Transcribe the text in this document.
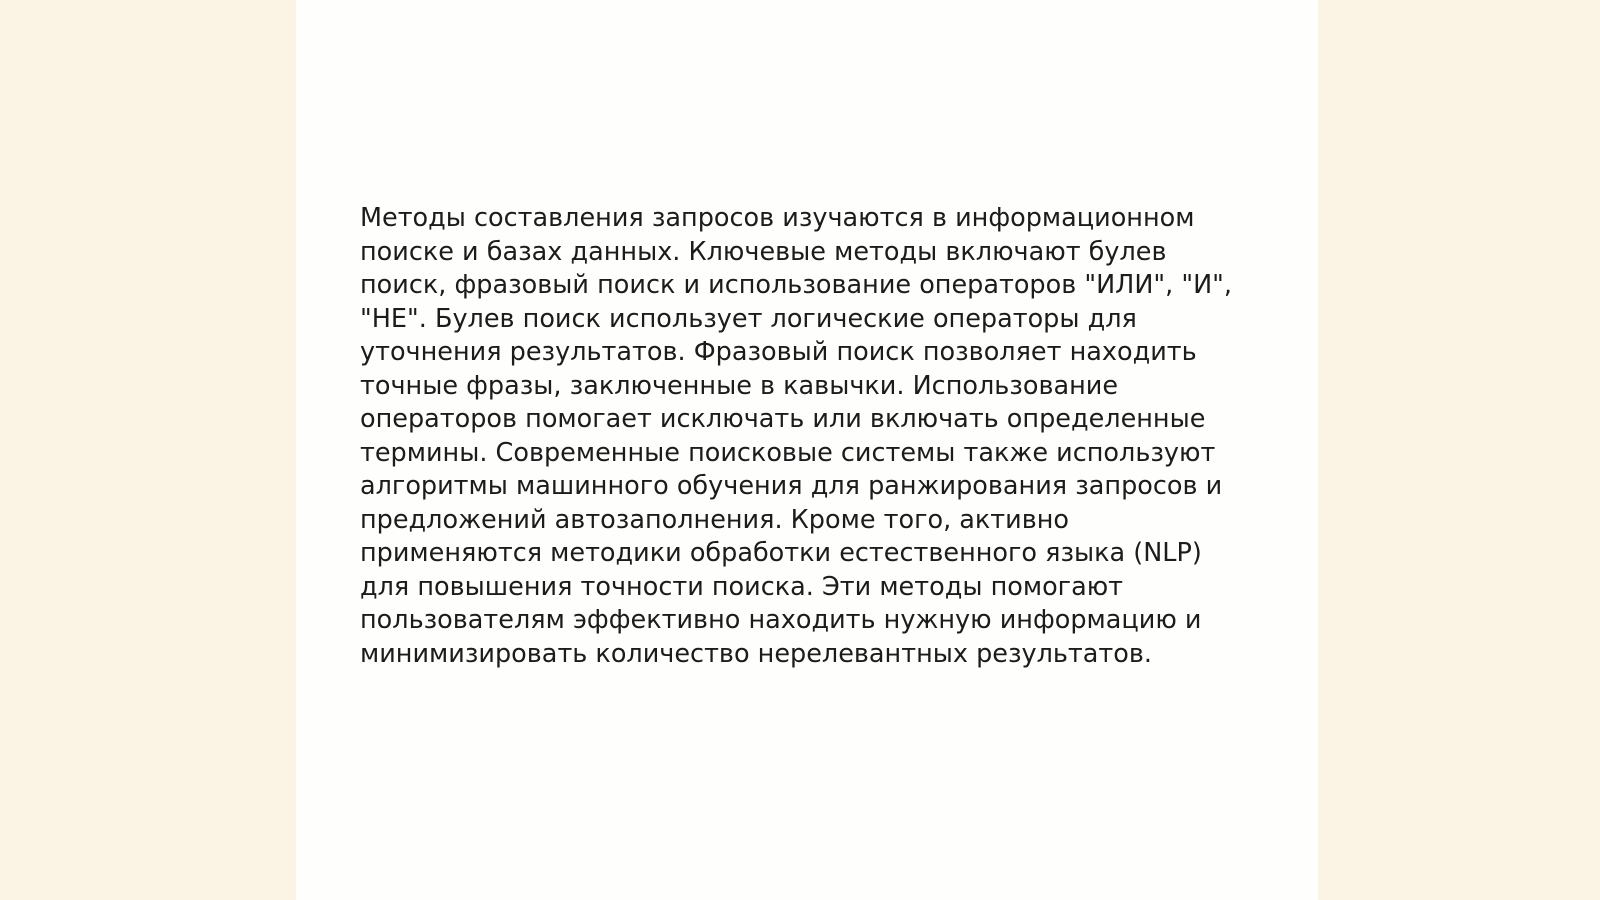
Методы составления запросов изучаются в информационном поиске и базах данных. Ключевые методы включают булев поиск, фразовый поиск и использование операторов "ИЛИ", "И", "НЕ". Булев поиск использует логические операторы для уточнения результатов. Фразовый поиск позволяет находить точные фразы, заключенные в кавычки. Использование операторов помогает исключать или включать определенные термины. Современные поисковые системы также используют алгоритмы машинного обучения для ранжирования запросов и предложений автозаполнения. Кроме того, активно применяются методики обработки естественного языка (NLP) для повышения точности поиска. Эти методы помогают пользователям эффективно находить нужную информацию и минимизировать количество нерелевантных результатов.
